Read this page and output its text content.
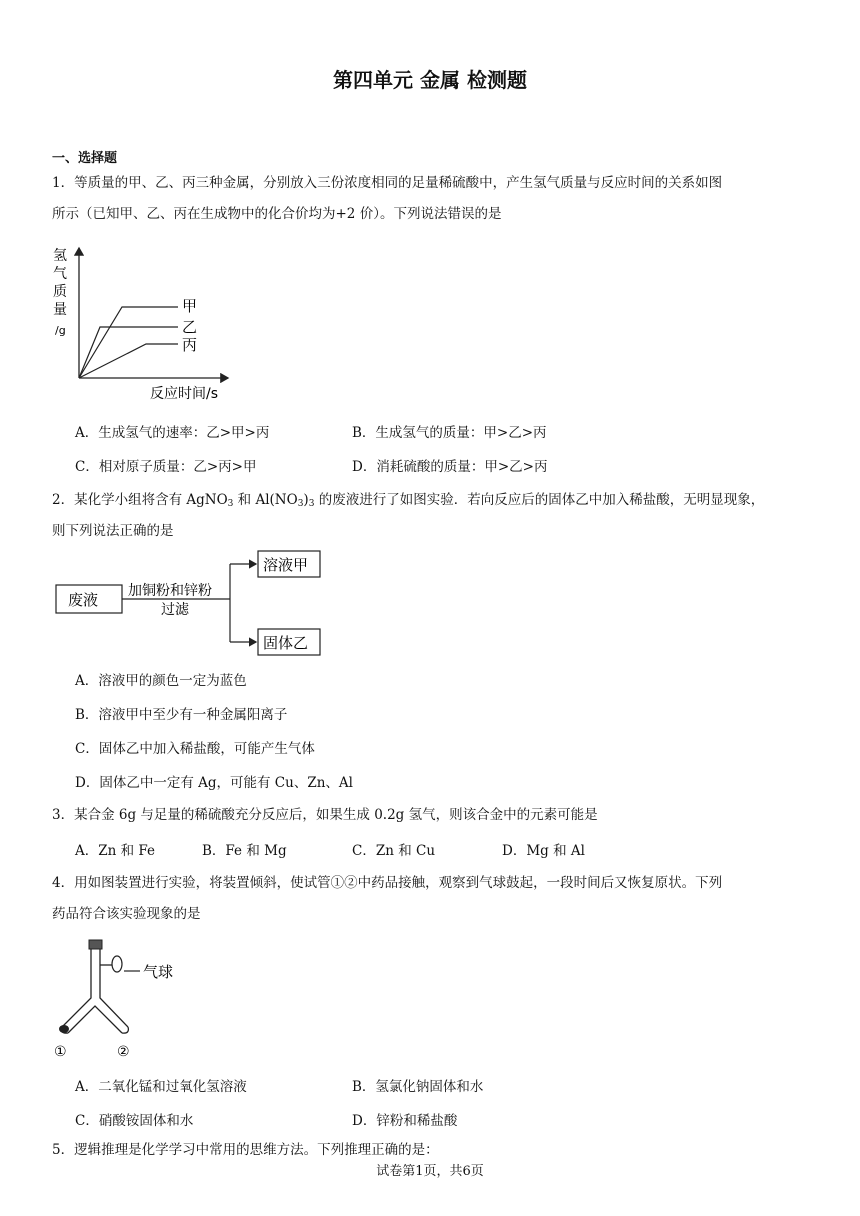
第四单元 金属 检测题
一、选择题
1．等质量的甲、乙、丙三种金属，分别放入三份浓度相同的足量稀硫酸中，产生氢气质量与反应时间的关系如图
所示（已知甲、乙、丙在生成物中的化合价均为+2 价）。下列说法错误的是
氢
气
质
量
/g
甲
乙
丙
反应时间/s
A．生成氢气的速率：乙>甲>丙	B．生成氢气的质量：甲>乙>丙
C．相对原子质量：乙>丙>甲	D．消耗硫酸的质量：甲>乙>丙
2．某化学小组将含有 AgNO$_3$ 和 $Al(NO_3)_3$ 的废液进行了如图实验．若向反应后的固体乙中加入稀盐酸，无明显现象，
则下列说法正确的是
废液 加铜粉和锌粉
过滤
溶液甲
固体乙
A．溶液甲的颜色一定为蓝色
B．溶液甲中至少有一种金属阳离子
C．固体乙中加入稀盐酸，可能产生气体
D．固体乙中一定有 Ag，可能有 Cu、Zn、Al
3．某合金 6g 与足量的稀硫酸充分反应后，如果生成 0.2g 氢气，则该合金中的元素可能是
A．Zn 和 Fe	B．Fe 和 Mg	C．Zn 和 Cu	D．Mg 和 Al
4．用如图装置进行实验，将装置倾斜，使试管①②中药品接触，观察到气球鼓起，一段时间后又恢复原状。下列
药品符合该实验现象的是
气球
①	②
A．二氧化锰和过氧化氢溶液	B．氢氯化钠固体和水
C．硝酸铵固体和水	D．锌粉和稀盐酸
5．逻辑推理是化学学习中常用的思维方法。下列推理正确的是：
试卷第1页，共6页
